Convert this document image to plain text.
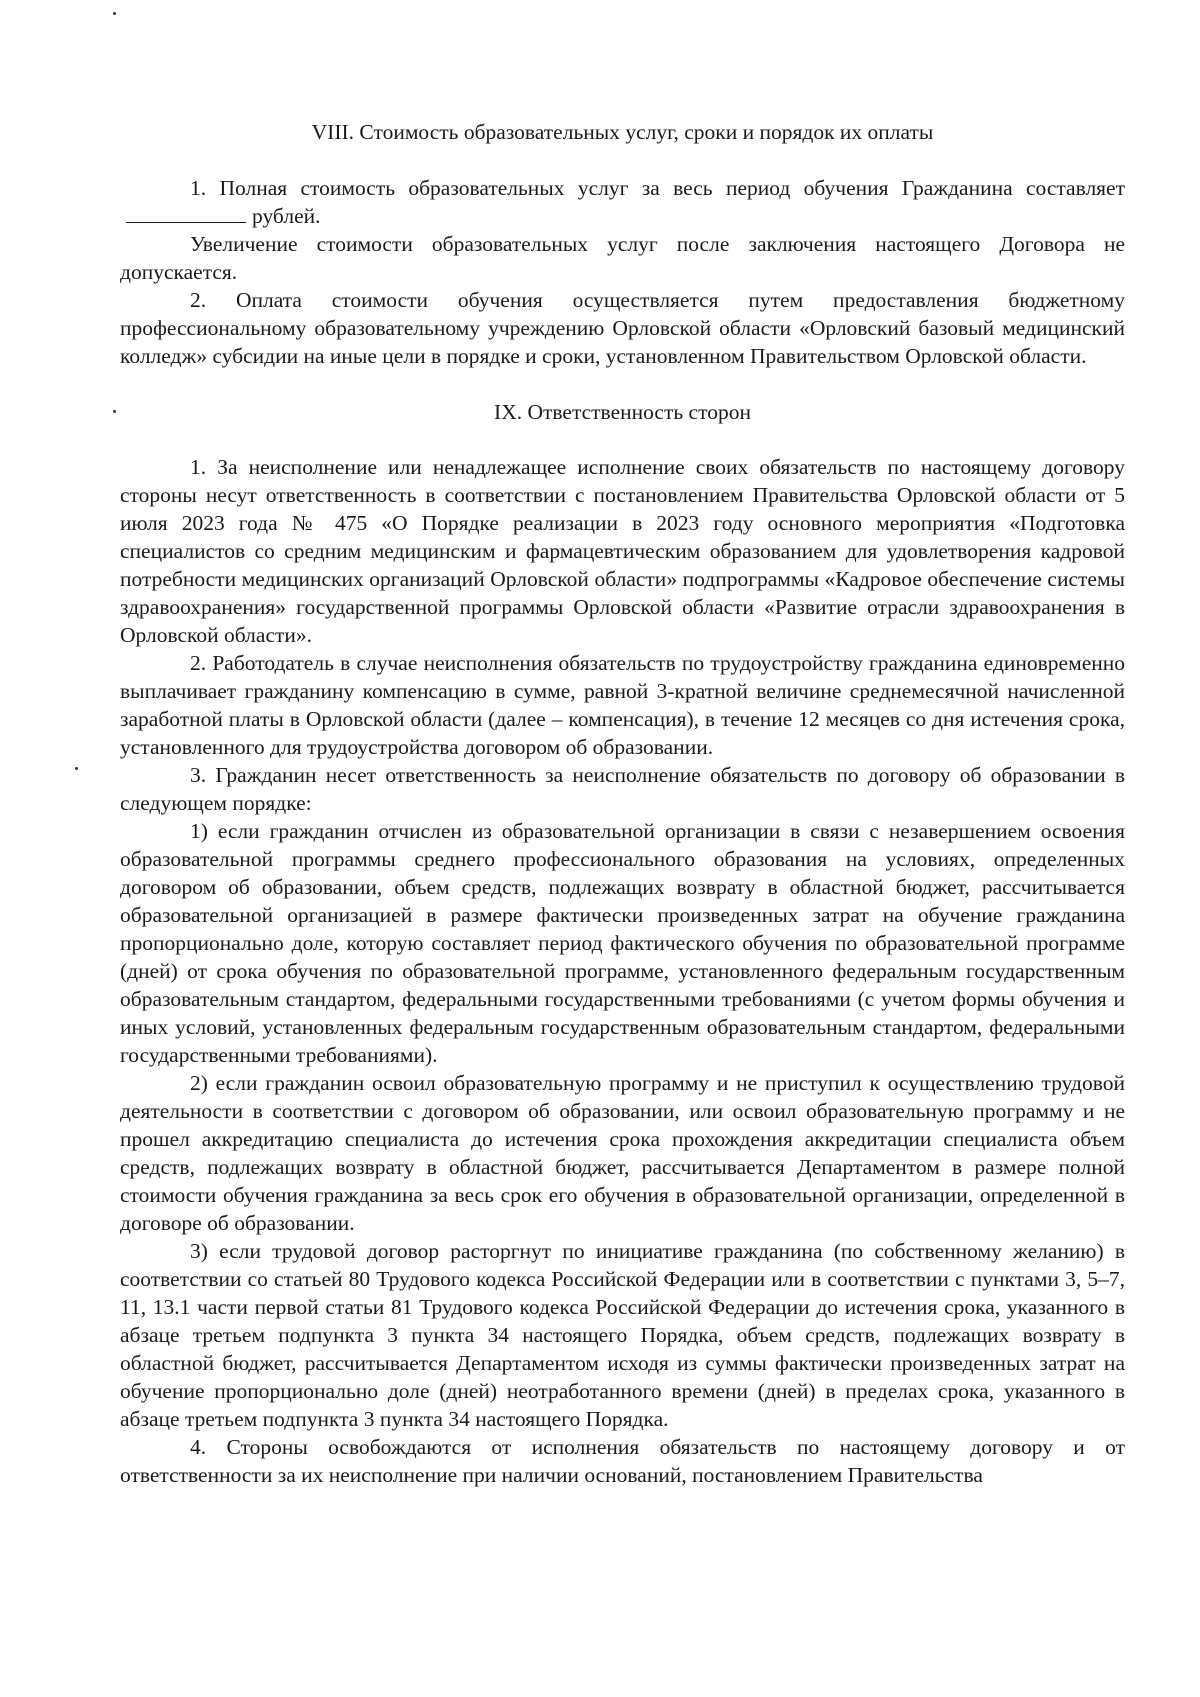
VIII. Стоимость образовательных услуг, сроки и порядок их оплаты

1. Полная стоимость образовательных услуг за весь период обучения Гражданина составляетрублей.

Увеличение стоимости образовательных услуг после заключения настоящего Договора не допускается.

2. Оплата стоимости обучения осуществляется путем предоставления бюджетному профессиональному образовательному учреждению Орловской области «Орловский базовый медицинский колледж» субсидии на иные цели в порядке и сроки, установленном Правительством Орловской области.

IX. Ответственность сторон

1. За неисполнение или ненадлежащее исполнение своих обязательств по настоящему договору стороны несут ответственность в соответствии с постановлением Правительства Орловской области от 5 июля 2023 года № 475 «О Порядке реализации в 2023 году основного мероприятия «Подготовка специалистов со средним медицинским и фармацевтическим образованием для удовлетворения кадровой потребности медицинских организаций Орловской области» подпрограммы «Кадровое обеспечение системы здравоохранения» государственной программы Орловской области «Развитие отрасли здравоохранения в Орловской области».

2. Работодатель в случае неисполнения обязательств по трудоустройству гражданина единовременно выплачивает гражданину компенсацию в сумме, равной 3-кратной величине среднемесячной начисленной заработной платы в Орловской области (далее – компенсация), в течение 12 месяцев со дня истечения срока, установленного для трудоустройства договором об образовании.

3. Гражданин несет ответственность за неисполнение обязательств по договору об образовании в следующем порядке:

1) если гражданин отчислен из образовательной организации в связи с незавершением освоения образовательной программы среднего профессионального образования на условиях, определенных договором об образовании, объем средств, подлежащих возврату в областной бюджет, рассчитывается образовательной организацией в размере фактически произведенных затрат на обучение гражданина пропорционально доле, которую составляет период фактического обучения по образовательной программе (дней) от срока обучения по образовательной программе, установленного федеральным государственным образовательным стандартом, федеральными государственными требованиями (с учетом формы обучения и иных условий, установленных федеральным государственным образовательным стандартом, федеральными государственными требованиями).

2) если гражданин освоил образовательную программу и не приступил к осуществлению трудовой деятельности в соответствии с договором об образовании, или освоил образовательную программу и не прошел аккредитацию специалиста до истечения срока прохождения аккредитации специалиста объем средств, подлежащих возврату в областной бюджет, рассчитывается Департаментом в размере полной стоимости обучения гражданина за весь срок его обучения в образовательной организации, определенной в договоре об образовании.

3) если трудовой договор расторгнут по инициативе гражданина (по собственному желанию) в соответствии со статьей 80 Трудового кодекса Российской Федерации или в соответствии с пунктами 3, 5–7, 11, 13.1 части первой статьи 81 Трудового кодекса Российской Федерации до истечения срока, указанного в абзаце третьем подпункта 3 пункта 34 настоящего Порядка, объем средств, подлежащих возврату в областной бюджет, рассчитывается Департаментом исходя из суммы фактически произведенных затрат на обучение пропорционально доле (дней) неотработанного времени (дней) в пределах срока, указанного в абзаце третьем подпункта 3 пункта 34 настоящего Порядка.

4. Стороны освобождаются от исполнения обязательств по настоящему договору и от ответственности за их неисполнение при наличии оснований, постановлением Правительства
